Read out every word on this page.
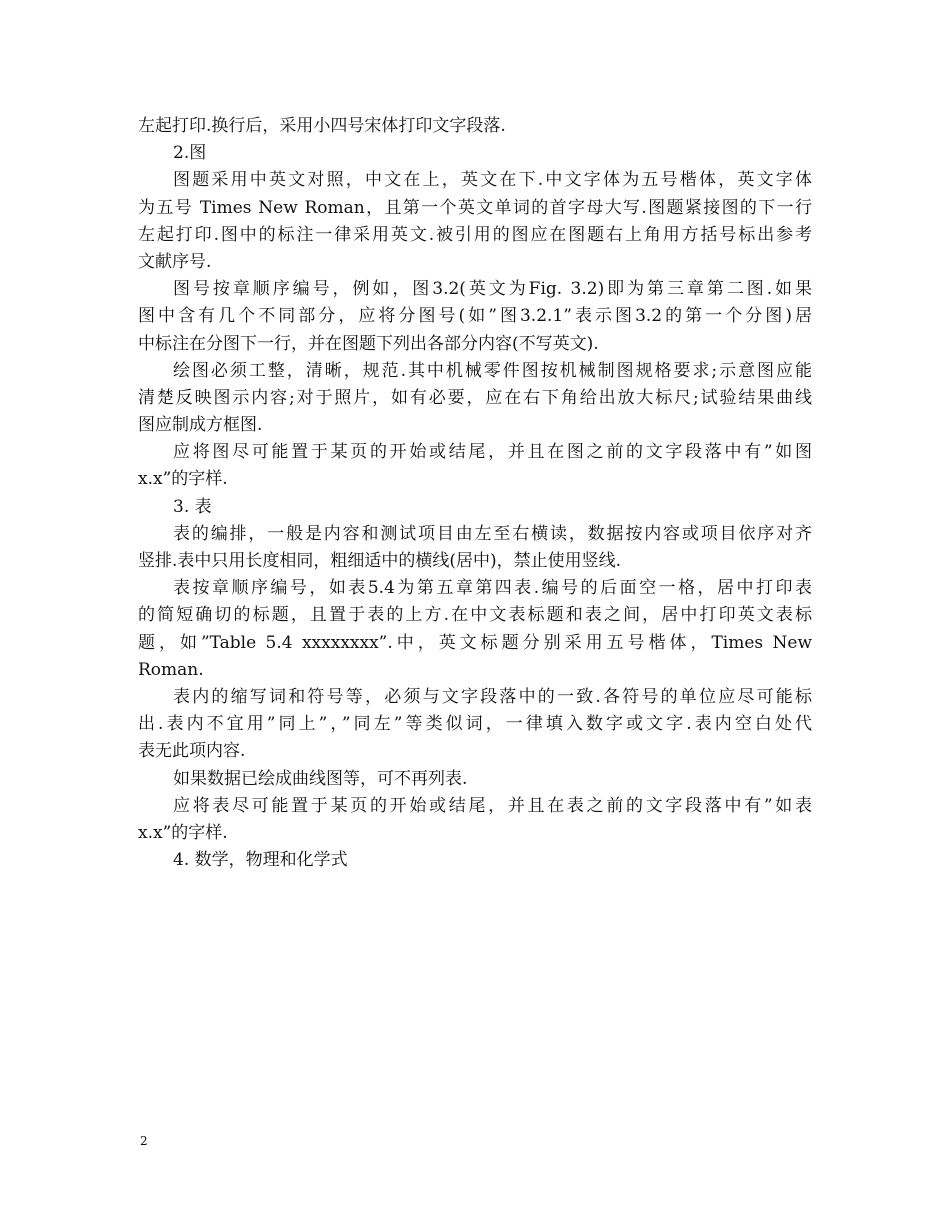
左起打印.换行后，采用小四号宋体打印文字段落.
2.图
图题采用中英文对照，中文在上，英文在下.中文字体为五号楷体，英文字体
为五号 Times New Roman，且第一个英文单词的首字母大写.图题紧接图的下一行
左起打印.图中的标注一律采用英文.被引用的图应在图题右上角用方括号标出参考
文献序号.
图号按章顺序编号，例如，图3.2(英文为Fig. 3.2)即为第三章第二图.如果
图中含有几个不同部分，应将分图号(如”图3.2.1”表示图3.2的第一个分图)居
中标注在分图下一行，并在图题下列出各部分内容(不写英文).
绘图必须工整，清晰，规范.其中机械零件图按机械制图规格要求;示意图应能
清楚反映图示内容;对于照片，如有必要，应在右下角给出放大标尺;试验结果曲线
图应制成方框图.
应将图尽可能置于某页的开始或结尾，并且在图之前的文字段落中有”如图
x.x”的字样.
3. 表
表的编排，一般是内容和测试项目由左至右横读，数据按内容或项目依序对齐
竖排.表中只用长度相同，粗细适中的横线(居中)，禁止使用竖线.
表按章顺序编号，如表5.4为第五章第四表.编号的后面空一格，居中打印表
的简短确切的标题，且置于表的上方.在中文表标题和表之间，居中打印英文表标
题，如”Table 5.4 xxxxxxxx”.中，英文标题分别采用五号楷体，Times New
Roman.
表内的缩写词和符号等，必须与文字段落中的一致.各符号的单位应尽可能标
出.表内不宜用”同上”，”同左”等类似词，一律填入数字或文字.表内空白处代
表无此项内容.
如果数据已绘成曲线图等，可不再列表.
应将表尽可能置于某页的开始或结尾，并且在表之前的文字段落中有”如表
x.x”的字样.
4. 数学，物理和化学式
2
